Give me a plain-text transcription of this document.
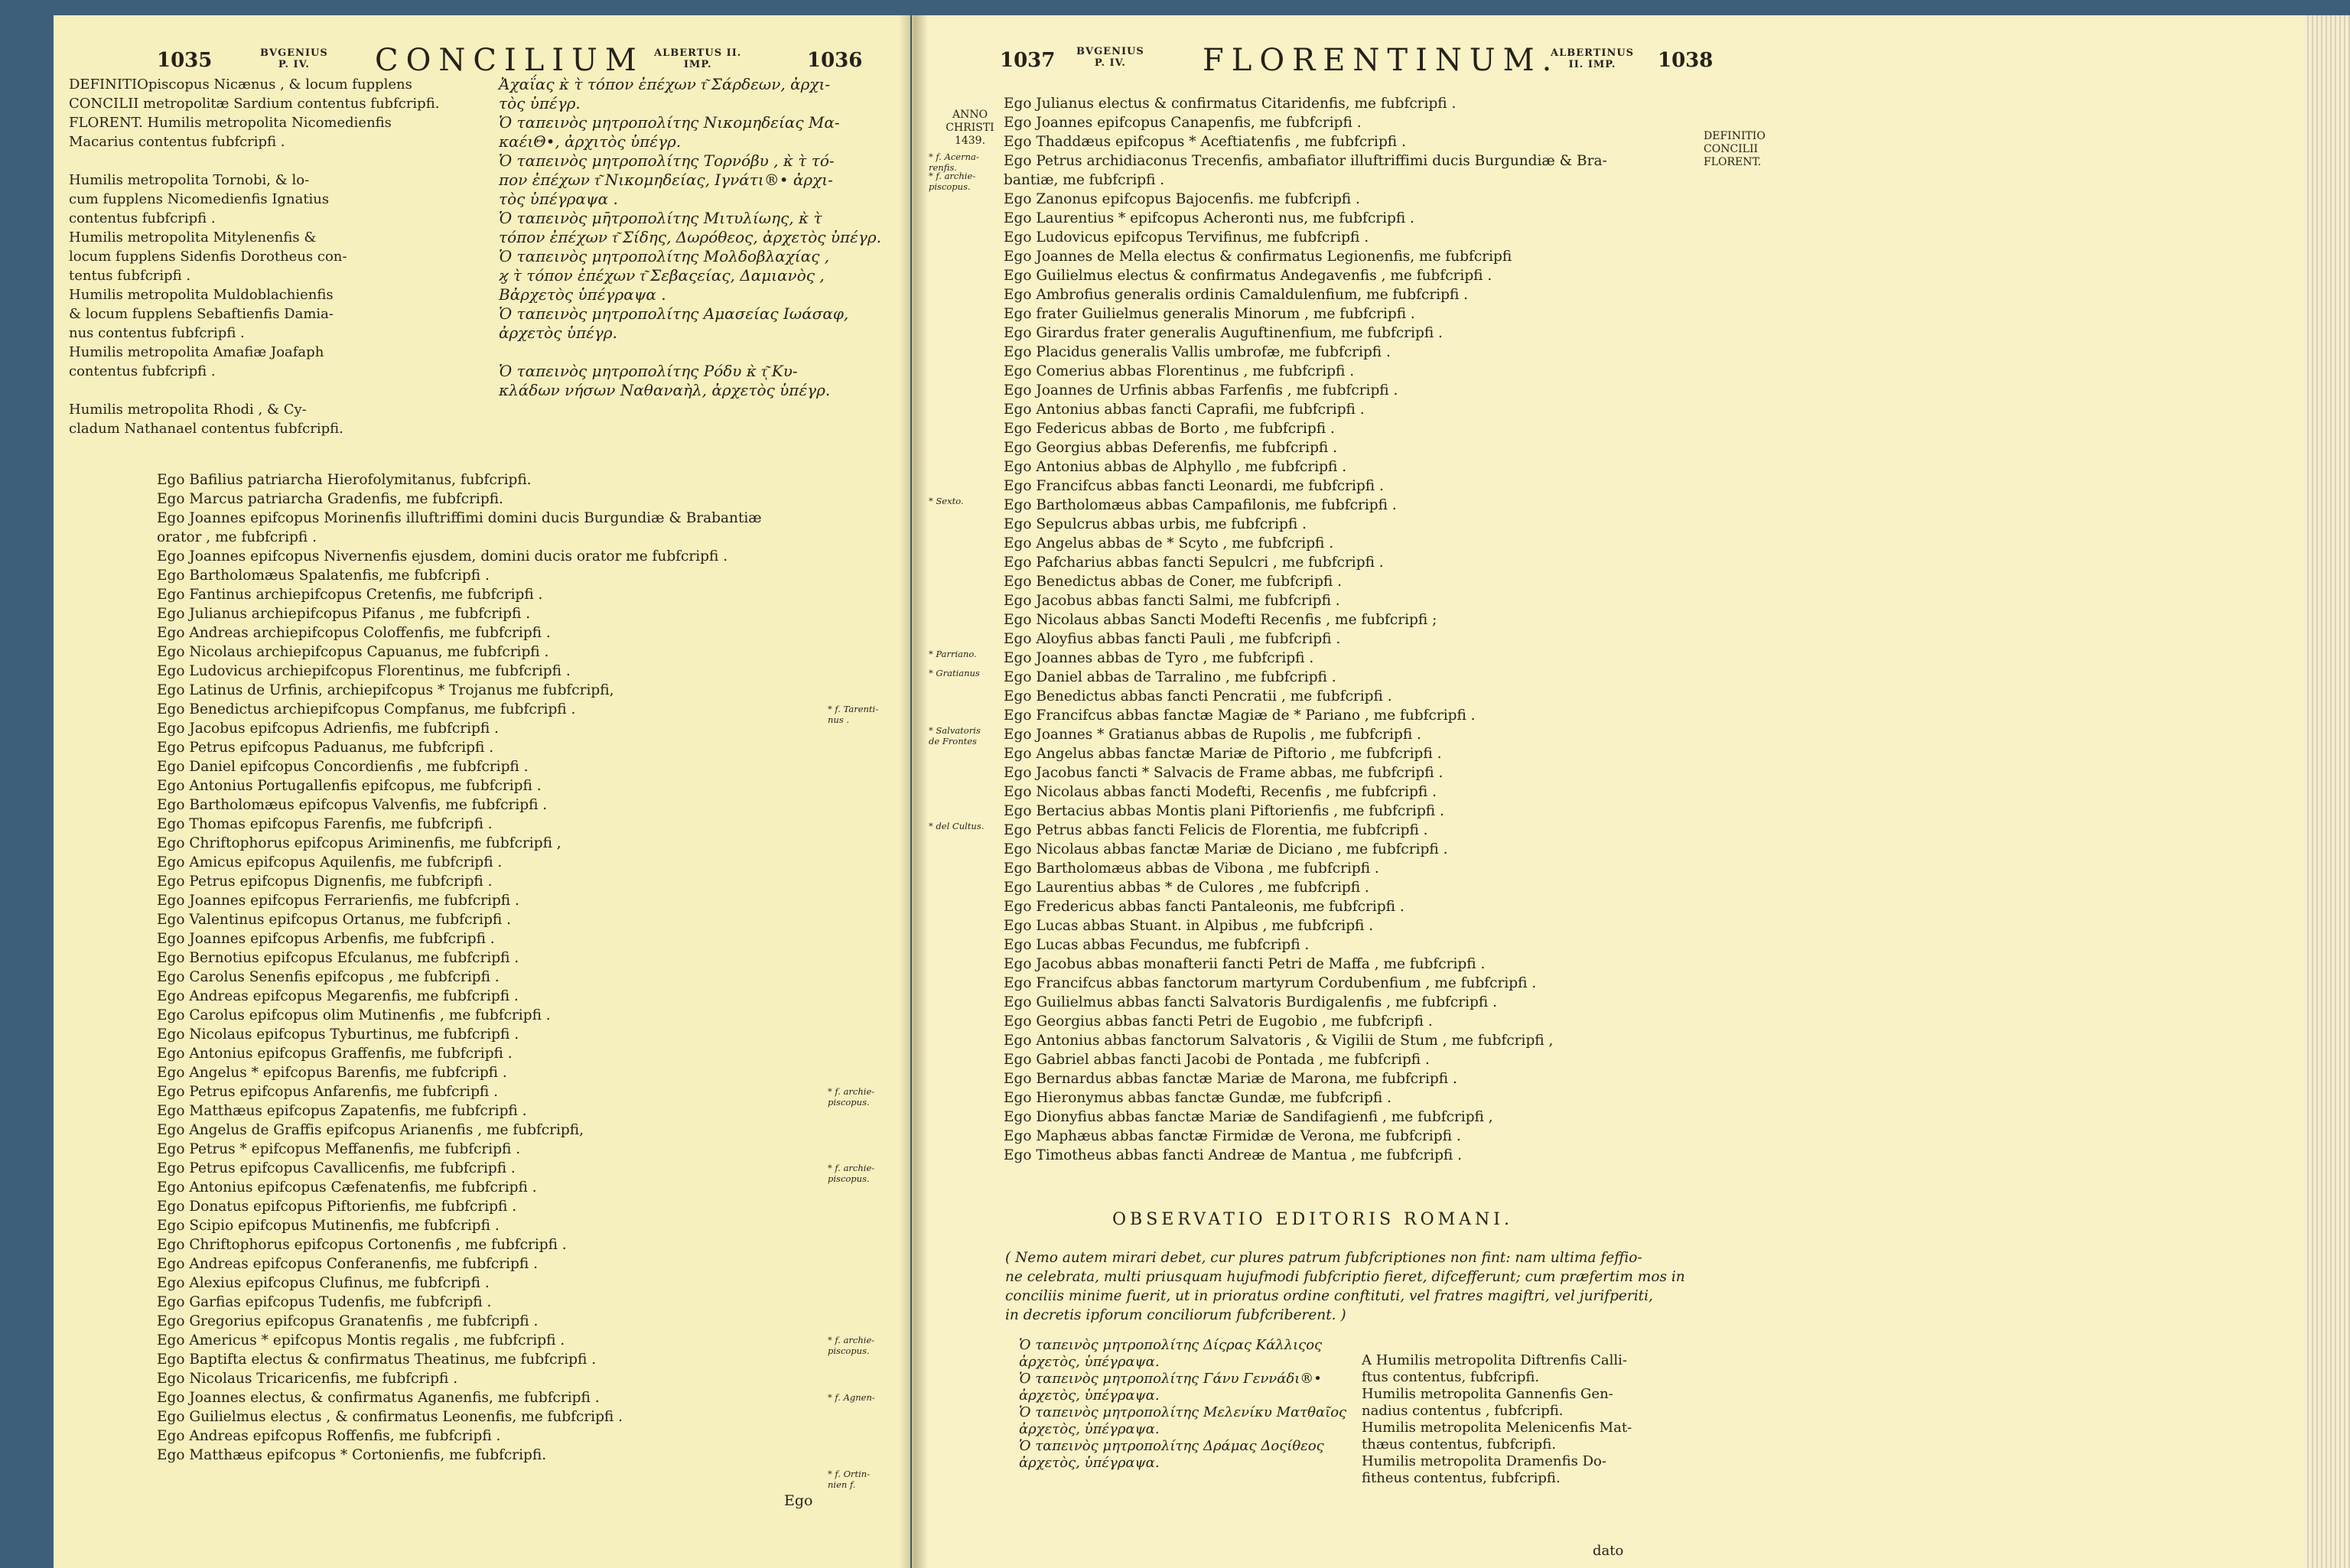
1035	BVGENIUS
P. IV.	CONCILIUM ALBERTUS II.
IMP.	1036
DEFINITIOpiscopus Nicænus , & locum fupplens
CONCILII metropolitæ Sardium contentus fubfcripfi.
FLORENT. Humilis metropolita Nicomedienfis
Macarius contentus fubfcripfi .
Humilis metropolita Tornobi, & lo-
cum fupplens Nicomedienfis Ignatius
contentus fubfcripfi .
Humilis metropolita Mitylenenfis &
locum fupplens Sidenfis Dorotheus con-
tentus fubfcripfi .
Humilis metropolita Muldoblachienfis
& locum fupplens Sebaftienfis Damia-
nus contentus fubfcripfi .
Humilis metropolita Amafiæ Joafaph
contentus fubfcripfi .
Humilis metropolita Rhodi , & Cy-
cladum Nathanael contentus fubfcripfi.
Ἀχαΐας κ̀ τ̀ τόπον ἐπέχων τ͂ Σάρδεων, ἀρχι-
τὸς ὑπέγρ.
Ὁ ταπεινὸς μητροπολίτης Νικομηδείας Μα-
καέιΘ•, ἀρχιτὸς ὑπέγρ.
Ὁ ταπεινὸς μητροπολίτης Τορνόβυ , κ̀ τ̀ τό-
πον ἐπέχων τ͂ Νικομηδείας, Ιγνάτι®• ἀρχι-
τὸς ὑπέγραψα .
Ὁ ταπεινὸς μη̄τροπολίτης Μιτυλίωης, κ̀ τ̀
τόπον ἐπέχων τ͂ Σίδης, Δωρόθεος, ἀρχετὸς ὑπέγρ.
Ὁ ταπεινὸς μητροπολίτης Μολδοβλαχίας ,
ϗ τ̀ τόπον ἐπέχων τ͂ Σεβαςείας, Δαμιανὸς ,
Bἀρχετὸς ὑπέγραψα .
Ὁ ταπεινὸς μητροπολίτης Αμασείας Ιωάσαφ,
ἀρχετὸς ὑπέγρ.
Ὁ ταπεινὸς μητροπολίτης Ρόδυ κ̀ τ͂ͅ Κυ-
κλάδων νήσων Ναθαναὴλ, ἀρχετὸς ὑπέγρ.
Ego Bafilius patriarcha Hierofolymitanus, fubfcripfi.
Ego Marcus patriarcha Gradenfis, me fubfcripfi.
Ego Joannes epifcopus Morinenfis illuftriffimi domini ducis Burgundiæ & Brabantiæ
orator , me fubfcripfi .
Ego Joannes epifcopus Nivernenfis ejusdem, domini ducis orator me fubfcripfi .
Ego Bartholomæus Spalatenfis, me fubfcripfi .
Ego Fantinus archiepifcopus Cretenfis, me fubfcripfi .
Ego Julianus archiepifcopus Pifanus , me fubfcripfi .
Ego Andreas archiepifcopus Coloffenfis, me fubfcripfi .
Ego Nicolaus archiepifcopus Capuanus, me fubfcripfi .
Ego Ludovicus archiepifcopus Florentinus, me fubfcripfi .
Ego Latinus de Urfinis, archiepifcopus * Trojanus me fubfcripfi,
Ego Benedictus archiepifcopus Compfanus, me fubfcripfi .
Ego Jacobus epifcopus Adrienfis, me fubfcripfi .
Ego Petrus epifcopus Paduanus, me fubfcripfi .
Ego Daniel epifcopus Concordienfis , me fubfcripfi .
Ego Antonius Portugallenfis epifcopus, me fubfcripfi .
Ego Bartholomæus epifcopus Valvenfis, me fubfcripfi .
Ego Thomas epifcopus Farenfis, me fubfcripfi .
Ego Chriftophorus epifcopus Ariminenfis, me fubfcripfi ,
Ego Amicus epifcopus Aquilenfis, me fubfcripfi .
Ego Petrus epifcopus Dignenfis, me fubfcripfi .
Ego Joannes epifcopus Ferrarienfis, me fubfcripfi .
Ego Valentinus epifcopus Ortanus, me fubfcripfi .
Ego Joannes epifcopus Arbenfis, me fubfcripfi .
Ego Bernotius epifcopus Efculanus, me fubfcripfi .
Ego Carolus Senenfis epifcopus , me fubfcripfi .
Ego Andreas epifcopus Megarenfis, me fubfcripfi .
Ego Carolus epifcopus olim Mutinenfis , me fubfcripfi .
Ego Nicolaus epifcopus Tyburtinus, me fubfcripfi .
Ego Antonius epifcopus Graffenfis, me fubfcripfi .
Ego Angelus * epifcopus Barenfis, me fubfcripfi .
Ego Petrus epifcopus Anfarenfis, me fubfcripfi .
Ego Matthæus epifcopus Zapatenfis, me fubfcripfi .
Ego Angelus de Graffis epifcopus Arianenfis , me fubfcripfi,
Ego Petrus * epifcopus Meffanenfis, me fubfcripfi .
Ego Petrus epifcopus Cavallicenfis, me fubfcripfi .
Ego Antonius epifcopus Cæfenatenfis, me fubfcripfi .
Ego Donatus epifcopus Piftorienfis, me fubfcripfi .
Ego Scipio epifcopus Mutinenfis, me fubfcripfi .
Ego Chriftophorus epifcopus Cortonenfis , me fubfcripfi .
Ego Andreas epifcopus Conferanenfis, me fubfcripfi .
Ego Alexius epifcopus Clufinus, me fubfcripfi .
Ego Garfias epifcopus Tudenfis, me fubfcripfi .
Ego Gregorius epifcopus Granatenfis , me fubfcripfi .
Ego Americus * epifcopus Montis regalis , me fubfcripfi .
Ego Baptifta electus & confirmatus Theatinus, me fubfcripfi .
Ego Nicolaus Tricaricenfis, me fubfcripfi .
Ego Joannes electus, & confirmatus Aganenfis, me fubfcripfi .
Ego Guilielmus electus , & confirmatus Leonenfis, me fubfcripfi .
Ego Andreas epifcopus Roffenfis, me fubfcripfi .
Ego Matthæus epifcopus * Cortonienfis, me fubfcripfi.
* f. Tarenti-
nus .
* f. archie-
piscopus.
* f. archie-
piscopus.
* f. archie-
piscopus.
* f. Agnen-
* f. Ortin-
nien f.
Ego
1037 BVGENIUS
P. IV.	FLORENTINUM.
ALBERTINUS
II. IMP.	1038
ANNO
CHRISTI
1439.	DEFINITIO
CONCILII
FLORENT.
* f. Acerna-
renfis.
* f. archie-
piscopus.
* Sexto.
* Parriano.
* Gratianus
* Salvatoris
de Frontes
* del Cultus.
Ego Julianus electus & confirmatus Citaridenfis, me fubfcripfi .
Ego Joannes epifcopus Canapenfis, me fubfcripfi .
Ego Thaddæus epifcopus * Aceftiatenfis , me fubfcripfi .
Ego Petrus archidiaconus Trecenfis, ambafiator illuftriffimi ducis Burgundiæ & Bra-
bantiæ, me fubfcripfi .
Ego Zanonus epifcopus Bajocenfis. me fubfcripfi .
Ego Laurentius * epifcopus Acheronti nus, me fubfcripfi .
Ego Ludovicus epifcopus Tervifinus, me fubfcripfi .
Ego Joannes de Mella electus & confirmatus Legionenfis, me fubfcripfi
Ego Guilielmus electus & confirmatus Andegavenfis , me fubfcripfi .
Ego Ambrofius generalis ordinis Camaldulenfium, me fubfcripfi .
Ego frater Guilielmus generalis Minorum , me fubfcripfi .
Ego Girardus frater generalis Auguftinenfium, me fubfcripfi .
Ego Placidus generalis Vallis umbrofæ, me fubfcripfi .
Ego Comerius abbas Florentinus , me fubfcripfi .
Ego Joannes de Urfinis abbas Farfenfis , me fubfcripfi .
Ego Antonius abbas fancti Caprafii, me fubfcripfi .
Ego Federicus abbas de Borto , me fubfcripfi .
Ego Georgius abbas Deferenfis, me fubfcripfi .
Ego Antonius abbas de Alphyllo , me fubfcripfi .
Ego Francifcus abbas fancti Leonardi, me fubfcripfi .
Ego Bartholomæus abbas Campafilonis, me fubfcripfi .
Ego Sepulcrus abbas urbis, me fubfcripfi .
Ego Angelus abbas de * Scyto , me fubfcripfi .
Ego Pafcharius abbas fancti Sepulcri , me fubfcripfi .
Ego Benedictus abbas de Coner, me fubfcripfi .
Ego Jacobus abbas fancti Salmi, me fubfcripfi .
Ego Nicolaus abbas Sancti Modefti Recenfis , me fubfcripfi ;
Ego Aloyfius abbas fancti Pauli , me fubfcripfi .
Ego Joannes abbas de Tyro , me fubfcripfi .
Ego Daniel abbas de Tarralino , me fubfcripfi .
Ego Benedictus abbas fancti Pencratii , me fubfcripfi .
Ego Francifcus abbas fanctæ Magiæ de * Pariano , me fubfcripfi .
Ego Joannes * Gratianus abbas de Rupolis , me fubfcripfi .
Ego Angelus abbas fanctæ Mariæ de Piftorio , me fubfcripfi .
Ego Jacobus fancti * Salvacis de Frame abbas, me fubfcripfi .
Ego Nicolaus abbas fancti Modefti, Recenfis , me fubfcripfi .
Ego Bertacius abbas Montis plani Piftorienfis , me fubfcripfi .
Ego Petrus abbas fancti Felicis de Florentia, me fubfcripfi .
Ego Nicolaus abbas fanctæ Mariæ de Diciano , me fubfcripfi .
Ego Bartholomæus abbas de Vibona , me fubfcripfi .
Ego Laurentius abbas * de Culores , me fubfcripfi .
Ego Fredericus abbas fancti Pantaleonis, me fubfcripfi .
Ego Lucas abbas Stuant. in Alpibus , me fubfcripfi .
Ego Lucas abbas Fecundus, me fubfcripfi .
Ego Jacobus abbas monafterii fancti Petri de Maffa , me fubfcripfi .
Ego Francifcus abbas fanctorum martyrum Cordubenfium , me fubfcripfi .
Ego Guilielmus abbas fancti Salvatoris Burdigalenfis , me fubfcripfi .
Ego Georgius abbas fancti Petri de Eugobio , me fubfcripfi .
Ego Antonius abbas fanctorum Salvatoris , & Vigilii de Stum , me fubfcripfi ,
Ego Gabriel abbas fancti Jacobi de Pontada , me fubfcripfi .
Ego Bernardus abbas fanctæ Mariæ de Marona, me fubfcripfi .
Ego Hieronymus abbas fanctæ Gundæ, me fubfcripfi .
Ego Dionyfius abbas fanctæ Mariæ de Sandifagienfi , me fubfcripfi ,
Ego Maphæus abbas fanctæ Firmidæ de Verona, me fubfcripfi .
Ego Timotheus abbas fancti Andreæ de Mantua , me fubfcripfi .
OBSERVATIO EDITORIS ROMANI.
( Nemo autem mirari debet, cur plures patrum fubfcriptiones non fint: nam ultima feffio-
ne celebrata, multi priusquam hujufmodi fubfcriptio fieret, difcefferunt; cum præfertim mos in
conciliis minime fuerit, ut in prioratus ordine conftituti, vel fratres magiftri, vel jurifperiti,
in decretis ipforum conciliorum fubfcriberent. )
Ὁ ταπεινὸς μητροπολίτης Δίςρας Κάλλιςος
ἀρχετὸς, ὑπέγραψα.
Ὁ ταπεινὸς μητροπολίτης Γάνυ Γεννάδι®•
ἀρχετὸς, ὑπέγραψα.
Ὁ ταπεινὸς μητροπολίτης Μελενίκυ Ματθαῖος
ἀρχετὸς, ὑπέγραψα.
Ὁ ταπεινὸς μητροπολίτης Δράμας Δοςίθεος
ἀρχετὸς, ὑπέγραψα.
A Humilis metropolita Diftrenfis Calli-
ftus contentus, fubfcripfi.
Humilis metropolita Gannenfis Gen-
nadius contentus , fubfcripfi.
Humilis metropolita Melenicenfis Mat-
thæus contentus, fubfcripfi.
Humilis metropolita Dramenfis Do-
fitheus contentus, fubfcripfi.
dato
